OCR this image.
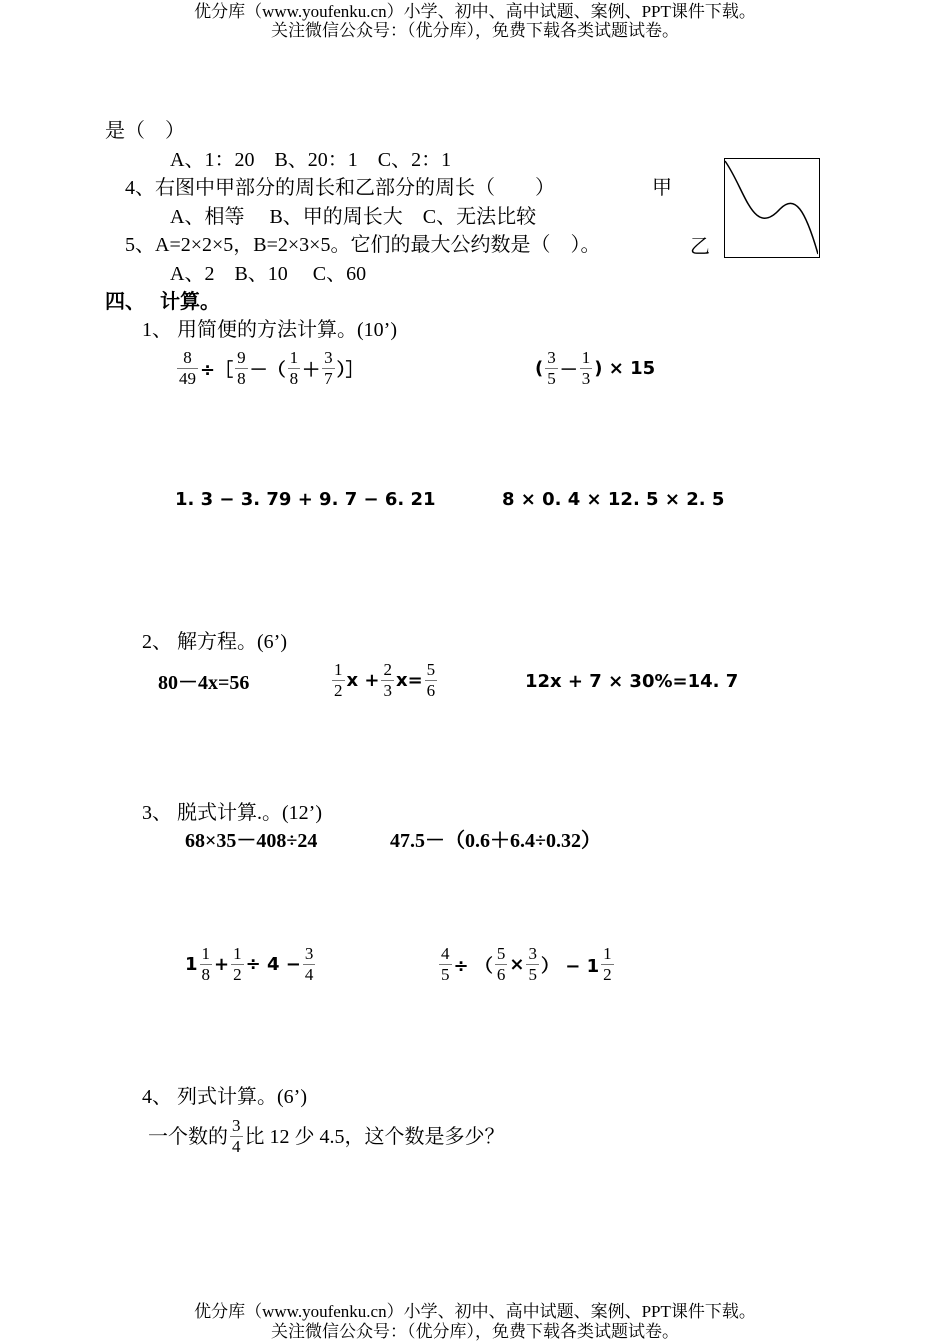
优分库（www.youfenku.cn）小学、初中、高中试题、案例、PPT课件下载。
关注微信公众号：（优分库），免费下载各类试题试卷。
是（　）
A、1：20　B、20：1　C、2：1
4、右图中甲部分的周长和乙部分的周长（　　）	甲
A、相等　 B、甲的周长大　C、无法比较
5、A=2×2×5，B=2×3×5。它们的最大公约数是（　）。	乙
A、2　B、10　 C、60
四、　 计算。
1、 用简便的方法计算。(10’)
$\frac{8}{49}$ ÷［ $\frac{9}{8}$ －（ $\frac{1}{8} + \frac{3}{7}$ ）］	( $\frac{3}{5} - \frac{1}{3}$ ) × 15
1. 3 − 3. 79 + 9. 7 − 6. 21	8 × 0. 4 × 12. 5 × 2. 5
2、 解方程。(6’)
80－4x=56	$\frac{1}{2}$ $x + \frac{2}{3} x= \frac{5}{6}$	12x + 7 × 30%=14. 7
3、 脱式计算.。(12’)
68×35－408÷24	47.5－（0.6＋6.4÷0.32）
$1 \frac{1}{8} + \frac{1}{2} \div 4 - \frac{3}{4}$	$\frac{4}{5}$ ÷ （ $\frac{5}{6} \times \frac{3}{5}$ ） − $1 \frac{1}{2}$
4、 列式计算。(6’)
一个数的 $\frac{3}{4}$ 比 12 少 4.5，这个数是多少？
优分库（www.youfenku.cn）小学、初中、高中试题、案例、PPT课件下载。
关注微信公众号：（优分库），免费下载各类试题试卷。
